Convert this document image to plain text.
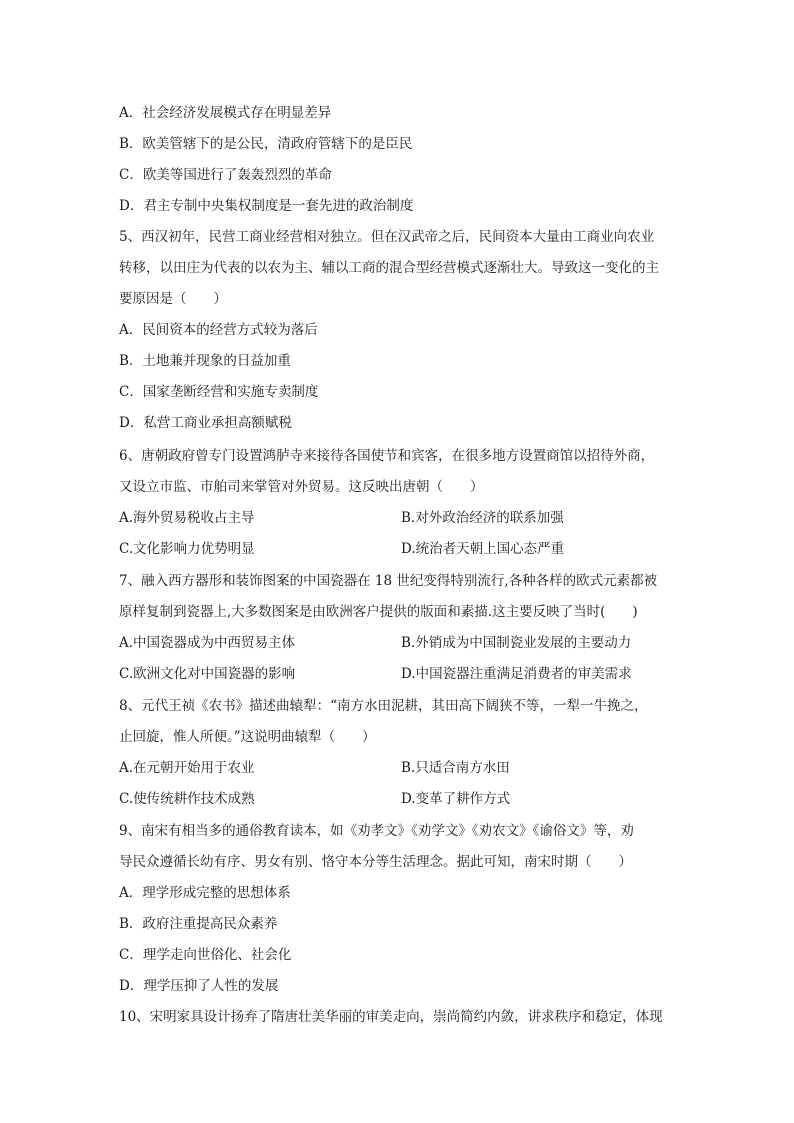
A．社会经济发展模式存在明显差异
B．欧美管辖下的是公民，清政府管辖下的是臣民
C．欧美等国进行了轰轰烈烈的革命
D．君主专制中央集权制度是一套先进的政治制度
5、西汉初年，民营工商业经营相对独立。但在汉武帝之后，民间资本大量由工商业向农业
转移，以田庄为代表的以农为主、辅以工商的混合型经营模式逐渐壮大。导致这一变化的主
要原因是（　　）
A．民间资本的经营方式较为落后
B．土地兼并现象的日益加重
C．国家垄断经营和实施专卖制度
D．私营工商业承担高额赋税
6、唐朝政府曾专门设置鸿胪寺来接待各国使节和宾客，在很多地方设置商馆以招待外商，
又设立市监、市舶司来掌管对外贸易。这反映出唐朝（　　）
A.海外贸易税收占主导	B.对外政治经济的联系加强
C.文化影响力优势明显	D.统治者天朝上国心态严重
7、融入西方器形和装饰图案的中国瓷器在 18 世纪变得特别流行,各种各样的欧式元素都被
原样复制到瓷器上,大多数图案是由欧洲客户提供的版面和素描.这主要反映了当时(　　)
A.中国瓷器成为中西贸易主体	B.外销成为中国制瓷业发展的主要动力
C.欧洲文化对中国瓷器的影响	D.中国瓷器注重满足消费者的审美需求
8、元代王祯《农书》描述曲辕犁：“南方水田泥耕，其田高下阔狭不等，一犁一牛挽之，
止回旋，惟人所便。”这说明曲辕犁（　　）
A.在元朝开始用于农业	B.只适合南方水田
C.使传统耕作技术成熟	D.变革了耕作方式
9、南宋有相当多的通俗教育读本，如《劝孝文》《劝学文》《劝农文》《谕俗文》等，劝
导民众遵循长幼有序、男女有别、恪守本分等生活理念。据此可知，南宋时期（　　）
A．理学形成完整的思想体系
B．政府注重提高民众素养
C．理学走向世俗化、社会化
D．理学压抑了人性的发展
10、宋明家具设计扬弃了隋唐壮美华丽的审美走向，崇尚简约内敛，讲求秩序和稳定，体现
